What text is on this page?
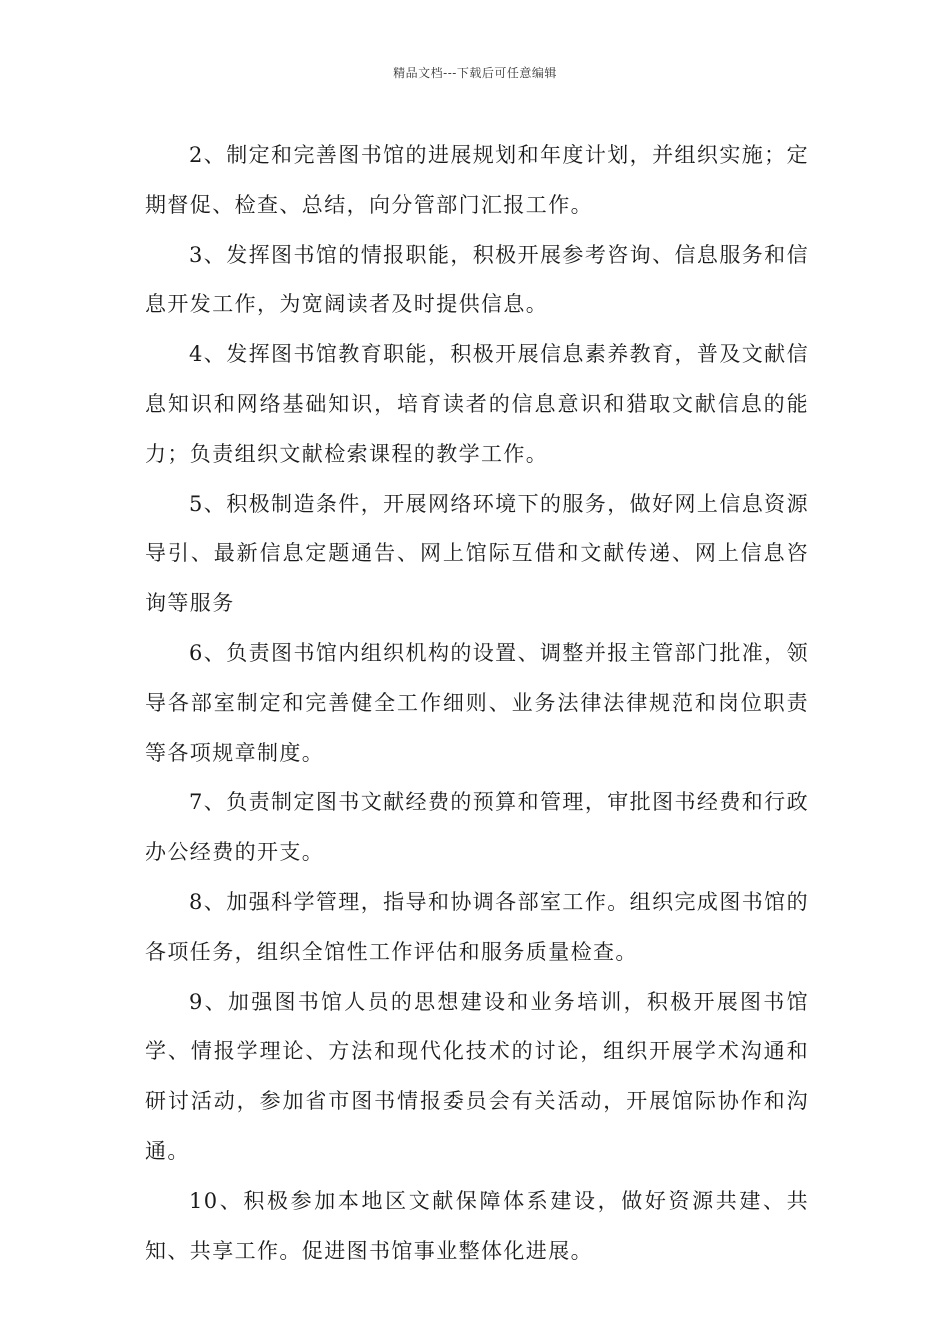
精品文档---下载后可任意编辑

2、制定和完善图书馆的进展规划和年度计划，并组织实施；定期督促、检查、总结，向分管部门汇报工作。

3、发挥图书馆的情报职能，积极开展参考咨询、信息服务和信息开发工作，为宽阔读者及时提供信息。

4、发挥图书馆教育职能，积极开展信息素养教育，普及文献信息知识和网络基础知识，培育读者的信息意识和猎取文献信息的能力；负责组织文献检索课程的教学工作。

5、积极制造条件，开展网络环境下的服务，做好网上信息资源导引、最新信息定题通告、网上馆际互借和文献传递、网上信息咨询等服务

6、负责图书馆内组织机构的设置、调整并报主管部门批准，领导各部室制定和完善健全工作细则、业务法律法律规范和岗位职责等各项规章制度。

7、负责制定图书文献经费的预算和管理，审批图书经费和行政办公经费的开支。

8、加强科学管理，指导和协调各部室工作。组织完成图书馆的各项任务，组织全馆性工作评估和服务质量检查。

9、加强图书馆人员的思想建设和业务培训，积极开展图书馆学、情报学理论、方法和现代化技术的讨论，组织开展学术沟通和研讨活动，参加省市图书情报委员会有关活动，开展馆际协作和沟通。

10、积极参加本地区文献保障体系建设，做好资源共建、共知、共享工作。促进图书馆事业整体化进展。
